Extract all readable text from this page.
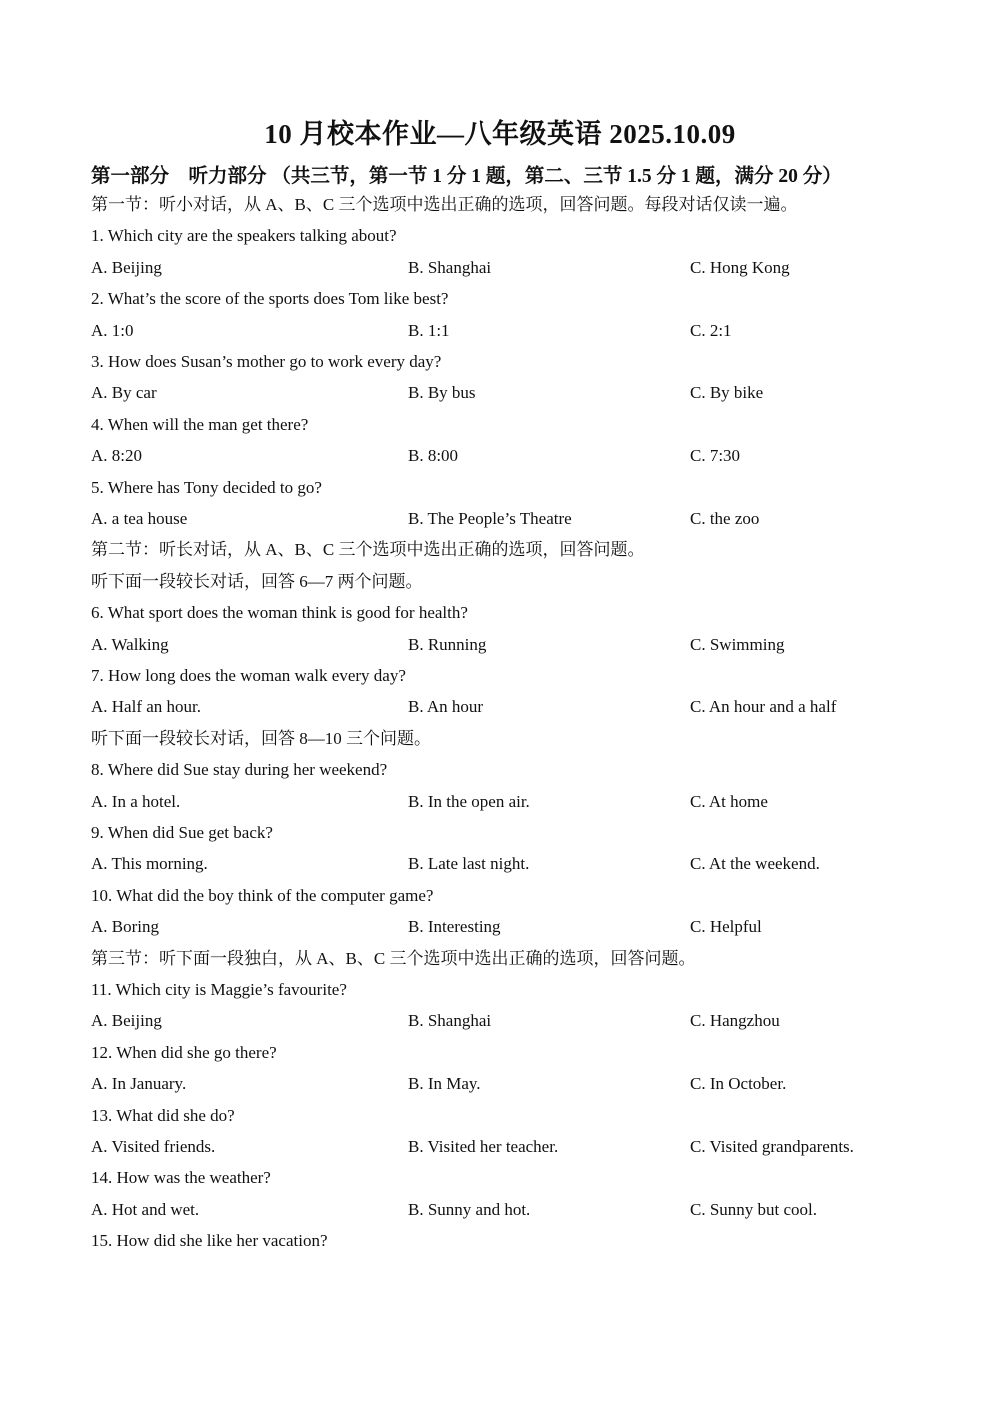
10 月校本作业—八年级英语 2025.10.09
第一部分　听力部分 （共三节，第一节 1 分 1 题，第二、三节 1.5 分 1 题，满分 20 分）
第一节：听小对话，从 A、B、C 三个选项中选出正确的选项，回答问题。每段对话仅读一遍。
1. Which city are the speakers talking about?
A. Beijing	B. Shanghai	C. Hong Kong
2. What’s the score of the sports does Tom like best?
A. 1:0	B. 1:1	C. 2:1
3. How does Susan’s mother go to work every day?
A. By car	B. By bus	C. By bike
4. When will the man get there?
A. 8:20	B. 8:00	C. 7:30
5. Where has Tony decided to go?
A. a tea house	B. The People’s Theatre	C. the zoo
第二节：听长对话，从 A、B、C 三个选项中选出正确的选项，回答问题。
听下面一段较长对话，回答 6—7 两个问题。
6. What sport does the woman think is good for health?
A. Walking	B. Running	C. Swimming
7. How long does the woman walk every day?
A. Half an hour.	B. An hour	C. An hour and a half
听下面一段较长对话，回答 8—10 三个问题。
8. Where did Sue stay during her weekend?
A. In a hotel.	B. In the open air.	C. At home
9. When did Sue get back?
A. This morning.	B. Late last night.	C. At the weekend.
10. What did the boy think of the computer game?
A. Boring	B. Interesting	C. Helpful
第三节：听下面一段独白，从 A、B、C 三个选项中选出正确的选项，回答问题。
11. Which city is Maggie’s favourite?
A. Beijing	B. Shanghai	C. Hangzhou
12. When did she go there?
A. In January.	B. In May.	C. In October.
13. What did she do?
A. Visited friends.	B. Visited her teacher.	C. Visited grandparents.
14. How was the weather?
A. Hot and wet.	B. Sunny and hot.	C. Sunny but cool.
15. How did she like her vacation?
